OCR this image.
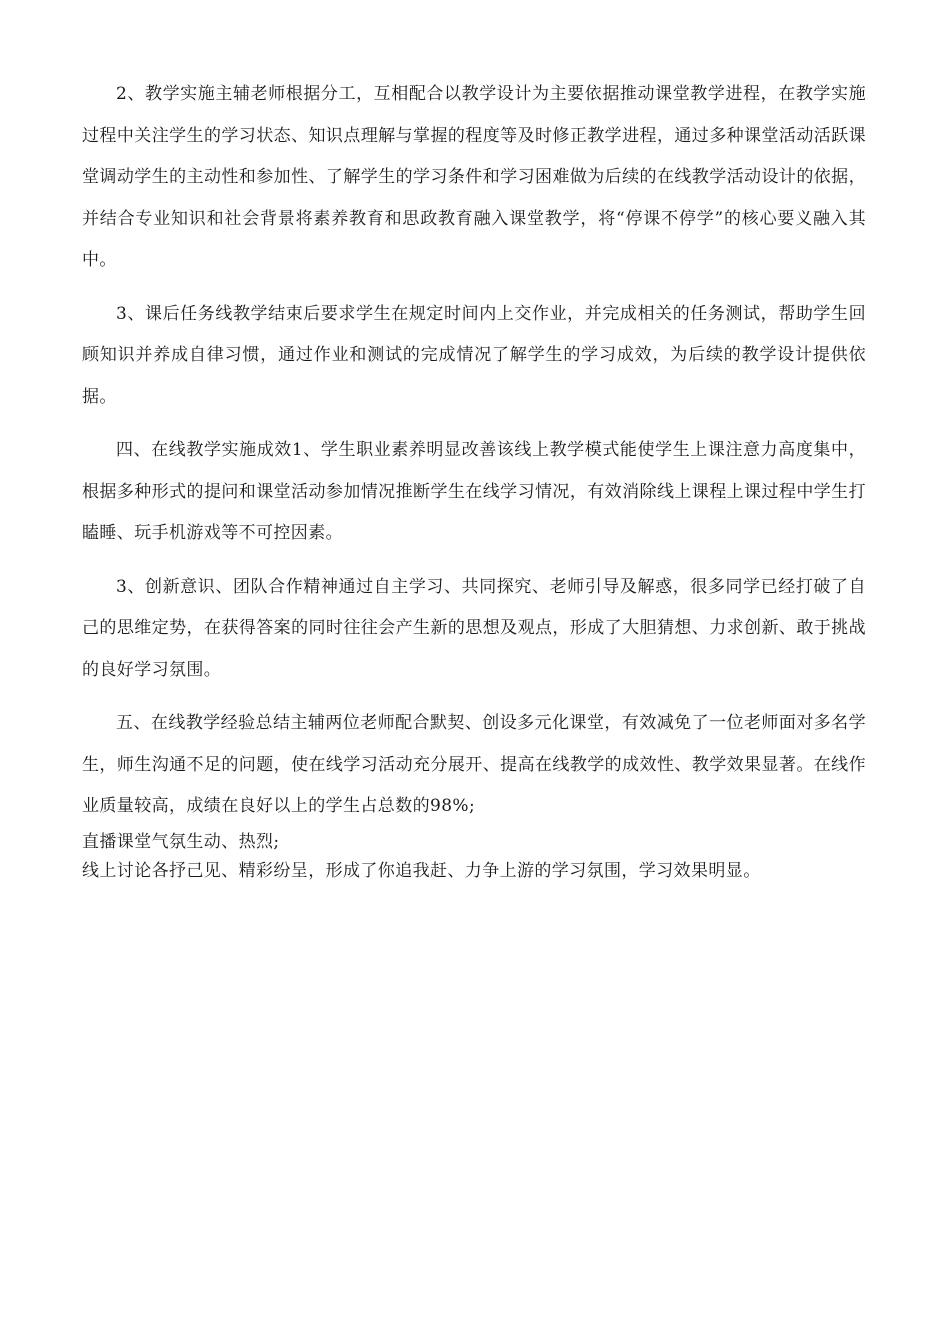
2、教学实施主辅老师根据分工，互相配合以教学设计为主要依据推动课堂教学进程，在教学实施过程中关注学生的学习状态、知识点理解与掌握的程度等及时修正教学进程，通过多种课堂活动活跃课堂调动学生的主动性和参加性、了解学生的学习条件和学习困难做为后续的在线教学活动设计的依据，并结合专业知识和社会背景将素养教育和思政教育融入课堂教学，将“停课不停学”的核心要义融入其中。

3、课后任务线教学结束后要求学生在规定时间内上交作业，并完成相关的任务测试，帮助学生回顾知识并养成自律习惯，通过作业和测试的完成情况了解学生的学习成效，为后续的教学设计提供依据。

四、在线教学实施成效1、学生职业素养明显改善该线上教学模式能使学生上课注意力高度集中，根据多种形式的提问和课堂活动参加情况推断学生在线学习情况，有效消除线上课程上课过程中学生打瞌睡、玩手机游戏等不可控因素。

3、创新意识、团队合作精神通过自主学习、共同探究、老师引导及解惑，很多同学已经打破了自己的思维定势，在获得答案的同时往往会产生新的思想及观点，形成了大胆猜想、力求创新、敢于挑战的良好学习氛围。

五、在线教学经验总结主辅两位老师配合默契、创设多元化课堂，有效减免了一位老师面对多名学生，师生沟通不足的问题，使在线学习活动充分展开、提高在线教学的成效性、教学效果显著。在线作业质量较高，成绩在良好以上的学生占总数的98%;

直播课堂气氛生动、热烈;

线上讨论各抒己见、精彩纷呈，形成了你追我赶、力争上游的学习氛围，学习效果明显。
